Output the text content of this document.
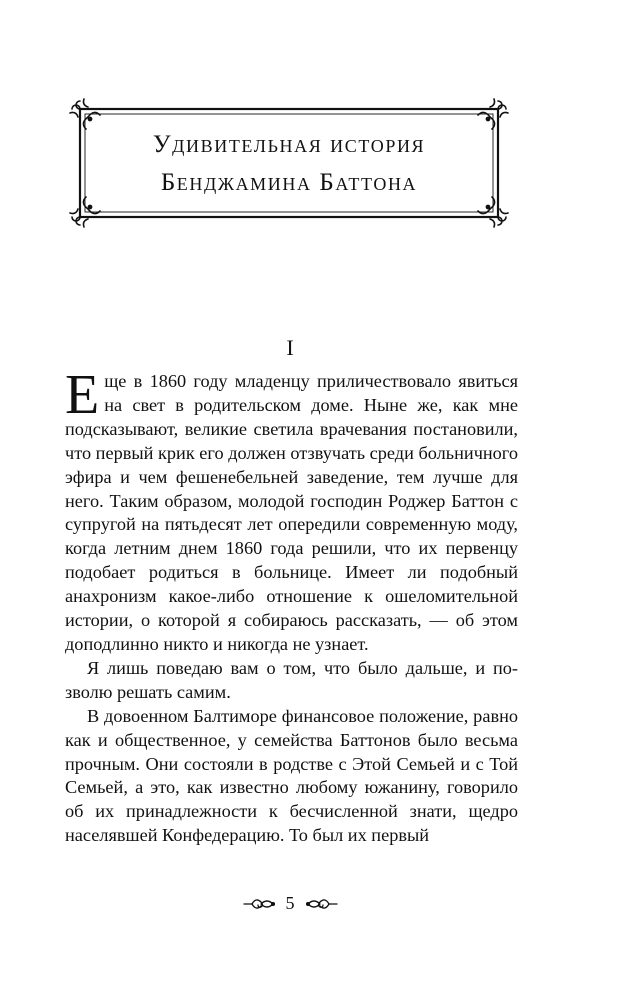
Удивительная история
Бенджамина Баттона
I

Еще в 1860 году младенцу приличествовало явиться на свет в родительском доме. Ныне же, как мне подсказывают, великие светила врачевания постановили, что первый крик его должен отзвучать среди больничного эфира и чем фешенебельней заведение, тем лучше для него. Таким образом, молодой господин Роджер Баттон с супругой на пятьдесят лет опередили современную моду, когда летним днем 1860 года решили, что их первенцу подобает родиться в больнице. Имеет ли подобный анахронизм какое-либо отношение к ошеломительной истории, о которой я собираюсь рассказать, — об этом доподлинно никто и никогда не узнает.

Я лишь поведаю вам о том, что было дальше, и позволю решать самим.

В довоенном Балтиморе финансовое положение, равно как и общественное, у семейства Баттонов было весьма прочным. Они состояли в родстве с Этой Семьей и с Той Семьей, а это, как известно любому южанину, говорило об их принадлежности к бесчисленной знати, щедро населявшей Конфедерацию. То был их первый

5
